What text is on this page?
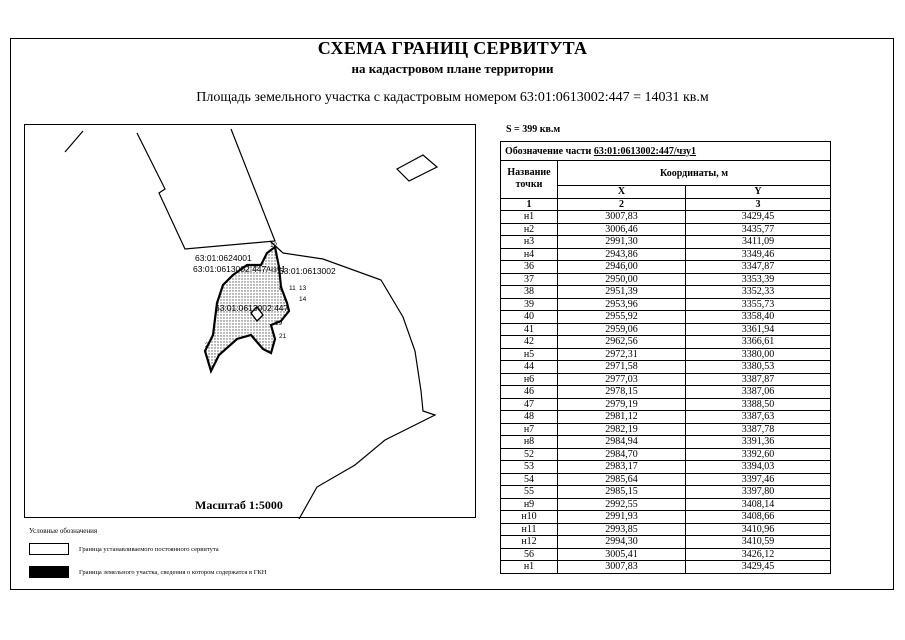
СХЕМА ГРАНИЦ СЕРВИТУТА
на кадастровом плане территории
Площадь земельного участка с кадастровым номером 63:01:0613002:447 = 14031 кв.м
63:01:0624001
63:01:0613002:447/чзу1
63:01:0613002
63:01:0613002:447
12
8 11 13
14
19
21
2
Масштаб 1:5000
S = 399 кв.м
Обозначение части 63:01:0613002:447/чзу1		
Название точки	Координаты, м	
	X	Y
1	2	3
н1	3007,83	3429,45
н2	3006,46	3435,77
н3	2991,30	3411,09
н4	2943,86	3349,46
36	2946,00	3347,87
37	2950,00	3353,39
38	2951,39	3352,33
39	2953,96	3355,73
40	2955,92	3358,40
41	2959,06	3361,94
42	2962,56	3366,61
н5	2972,31	3380,00
44	2971,58	3380,53
н6	2977,03	3387,87
46	2978,15	3387,06
47	2979,19	3388,50
48	2981,12	3387,63
н7	2982,19	3387,78
н8	2984,94	3391,36
52	2984,70	3392,60
53	2983,17	3394,03
54	2985,64	3397,46
55	2985,15	3397,80
н9	2992,55	3408,14
н10	2991,93	3408,66
н11	2993,85	3410,96
н12	2994,30	3410,59
56	3005,41	3426,12
н1	3007,83	3429,45
Условные обозначения
Граница устанавливаемого постоянного сервитута
Граница земельного участка, сведения о котором содержатся в ГКН
